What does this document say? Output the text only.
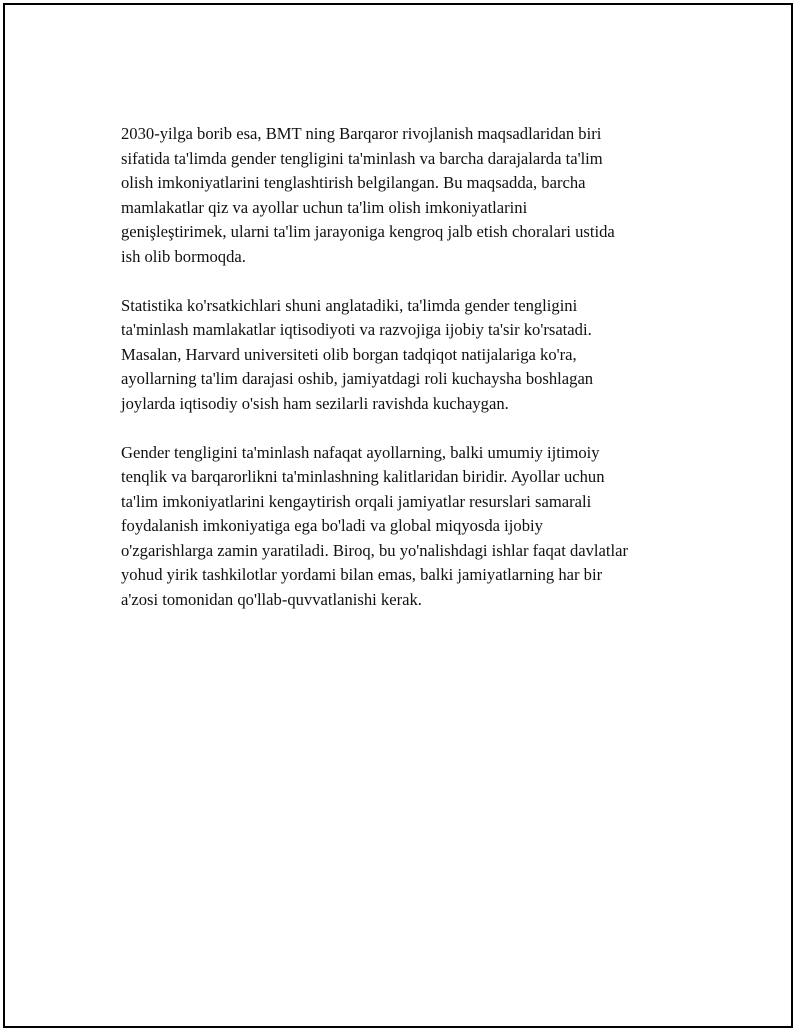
2030-yilga borib esa, BMT ning Barqaror rivojlanish maqsadlaridan biri
sifatida ta'limda gender tengligini ta'minlash va barcha darajalarda ta'lim
olish imkoniyatlarini tenglashtirish belgilangan. Bu maqsadda, barcha
mamlakatlar qiz va ayollar uchun ta'lim olish imkoniyatlarini
genişleştirimek, ularni ta'lim jarayoniga kengroq jalb etish choralari ustida
ish olib bormoqda.

Statistika ko'rsatkichlari shuni anglatadiki, ta'limda gender tengligini
ta'minlash mamlakatlar iqtisodiyoti va razvojiga ijobiy ta'sir ko'rsatadi.
Masalan, Harvard universiteti olib borgan tadqiqot natijalariga ko'ra,
ayollarning ta'lim darajasi oshib, jamiyatdagi roli kuchaysha boshlagan
joylarda iqtisodiy o'sish ham sezilarli ravishda kuchaygan.

Gender tengligini ta'minlash nafaqat ayollarning, balki umumiy ijtimoiy
tenqlik va barqarorlikni ta'minlashning kalitlaridan biridir. Ayollar uchun
ta'lim imkoniyatlarini kengaytirish orqali jamiyatlar resurslari samarali
foydalanish imkoniyatiga ega bo'ladi va global miqyosda ijobiy
o'zgarishlarga zamin yaratiladi. Biroq, bu yo'nalishdagi ishlar faqat davlatlar
yohud yirik tashkilotlar yordami bilan emas, balki jamiyatlarning har bir
a'zosi tomonidan qo'llab-quvvatlanishi kerak.
